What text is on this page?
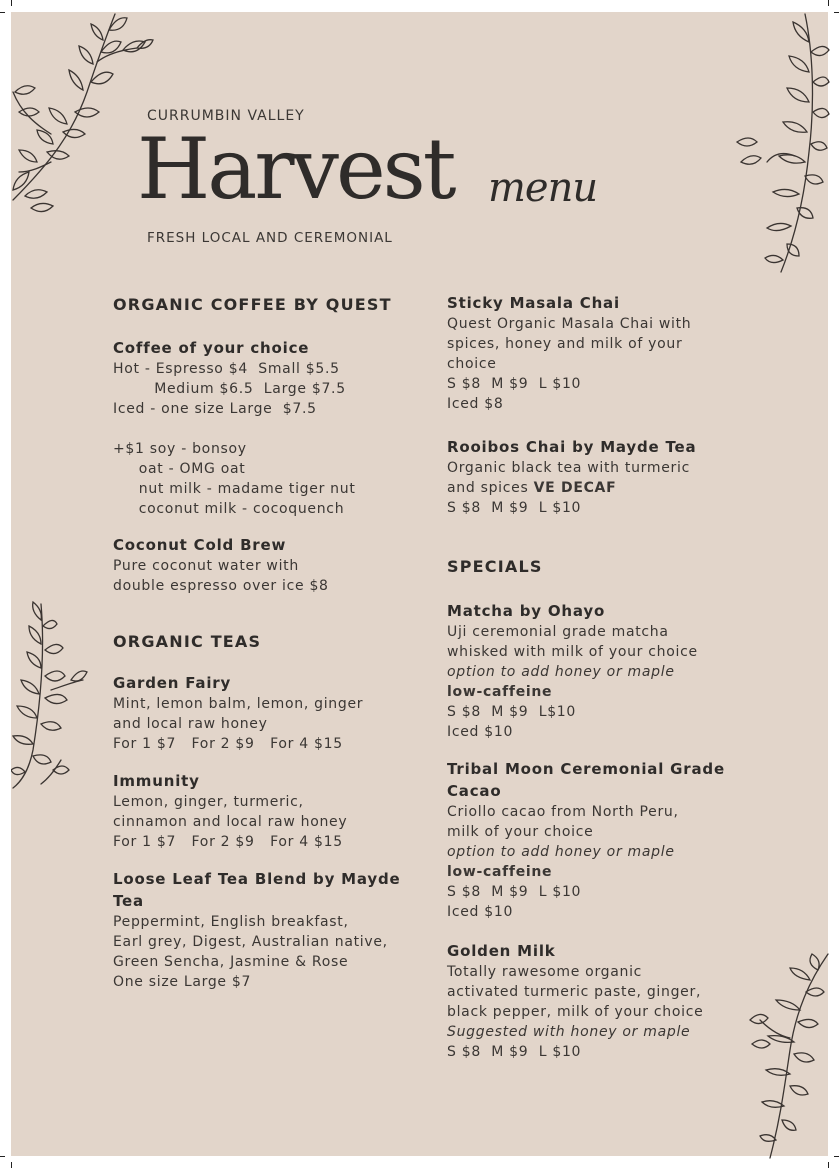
CURRUMBIN VALLEY
Harvest menu
FRESH LOCAL AND CEREMONIAL
ORGANIC COFFEE BY QUEST
Coffee of your choice
Hot - Espresso $4  Small $5.5
Medium $6.5  Large $7.5
Iced - one size Large  $7.5
+$1 soy - bonsoy
oat - OMG oat
nut milk - madame tiger nut
coconut milk - cocoquench
Coconut Cold Brew
Pure coconut water with
double espresso over ice $8
ORGANIC TEAS
Garden Fairy
Mint, lemon balm, lemon, ginger
and local raw honey
For 1 $7   For 2 $9   For 4 $15
Immunity
Lemon, ginger, turmeric,
cinnamon and local raw honey
For 1 $7   For 2 $9   For 4 $15
Loose Leaf Tea Blend by Mayde
Tea
Peppermint, English breakfast,
Earl grey, Digest, Australian native,
Green Sencha, Jasmine & Rose
One size Large $7
Sticky Masala Chai
Quest Organic Masala Chai with
spices, honey and milk of your
choice
S $8  M $9  L $10
Iced $8
Rooibos Chai by Mayde Tea
Organic black tea with turmeric
and spices VE DECAF
S $8  M $9  L $10
SPECIALS
Matcha by Ohayo
Uji ceremonial grade matcha
whisked with milk of your choice
option to add honey or maple
low-caffeine
S $8  M $9  L$10
Iced $10
Tribal Moon Ceremonial Grade
Cacao
Criollo cacao from North Peru,
milk of your choice
option to add honey or maple
low-caffeine
S $8  M $9  L $10
Iced $10
Golden Milk
Totally rawesome organic
activated turmeric paste, ginger,
black pepper, milk of your choice
Suggested with honey or maple
S $8  M $9  L $10
